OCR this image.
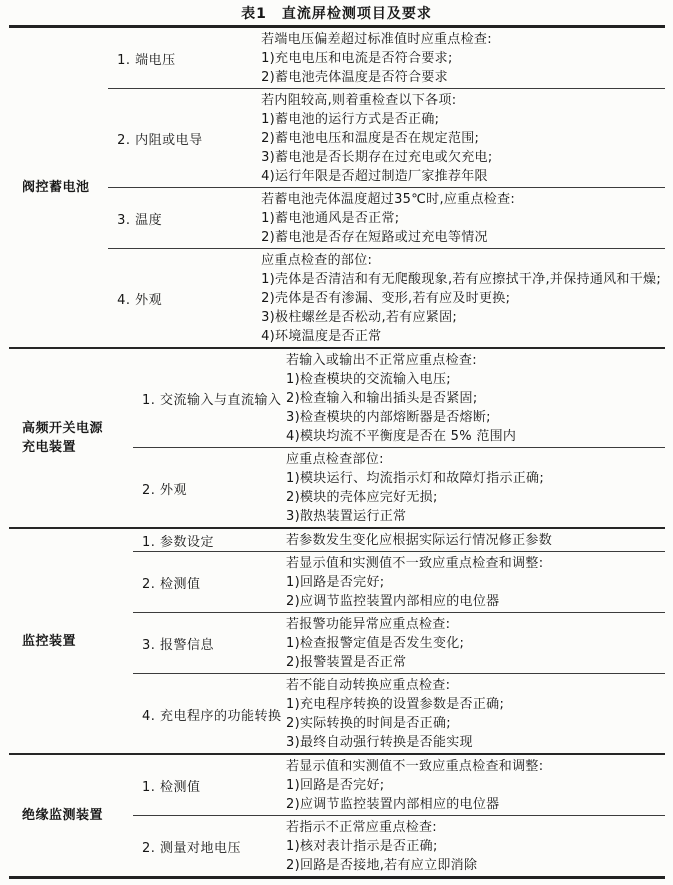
表1　直流屏检测项目及要求
阀控蓄电池
1. 端电压
若端电压偏差超过标准值时应重点检查:
1)充电电压和电流是否符合要求;
2)蓄电池壳体温度是否符合要求
2. 内阻或电导
若内阻较高,则着重检查以下各项:
1)蓄电池的运行方式是否正确;
2)蓄电池电压和温度是否在规定范围;
3)蓄电池是否长期存在过充电或欠充电;
4)运行年限是否超过制造厂家推荐年限
3. 温度
若蓄电池壳体温度超过35℃时,应重点检查:
1)蓄电池通风是否正常;
2)蓄电池是否存在短路或过充电等情况
4. 外观
应重点检查的部位:
1)壳体是否清洁和有无爬酸现象,若有应擦拭干净,并保持通风和干燥;
2)壳体是否有渗漏、变形,若有应及时更换;
3)极柱螺丝是否松动,若有应紧固;
4)环境温度是否正常
高频开关电源
充电装置
1. 交流输入与直流输入
若输入或输出不正常应重点检查:
1)检查模块的交流输入电压;
2)检查输入和输出插头是否紧固;
3)检查模块的内部熔断器是否熔断;
4)模块均流不平衡度是否在 5% 范围内
2. 外观
应重点检查部位:
1)模块运行、均流指示灯和故障灯指示正确;
2)模块的壳体应完好无损;
3)散热装置运行正常
监控装置
1. 参数设定	若参数发生变化应根据实际运行情况修正参数
2. 检测值
若显示值和实测值不一致应重点检查和调整:
1)回路是否完好;
2)应调节监控装置内部相应的电位器
3. 报警信息
若报警功能异常应重点检查:
1)检查报警定值是否发生变化;
2)报警装置是否正常
4. 充电程序的功能转换
若不能自动转换应重点检查:
1)充电程序转换的设置参数是否正确;
2)实际转换的时间是否正确;
3)最终自动强行转换是否能实现
绝缘监测装置
1. 检测值
若显示值和实测值不一致应重点检查和调整:
1)回路是否完好;
2)应调节监控装置内部相应的电位器
2. 测量对地电压
若指示不正常应重点检查:
1)核对表计指示是否正确;
2)回路是否接地,若有应立即消除
